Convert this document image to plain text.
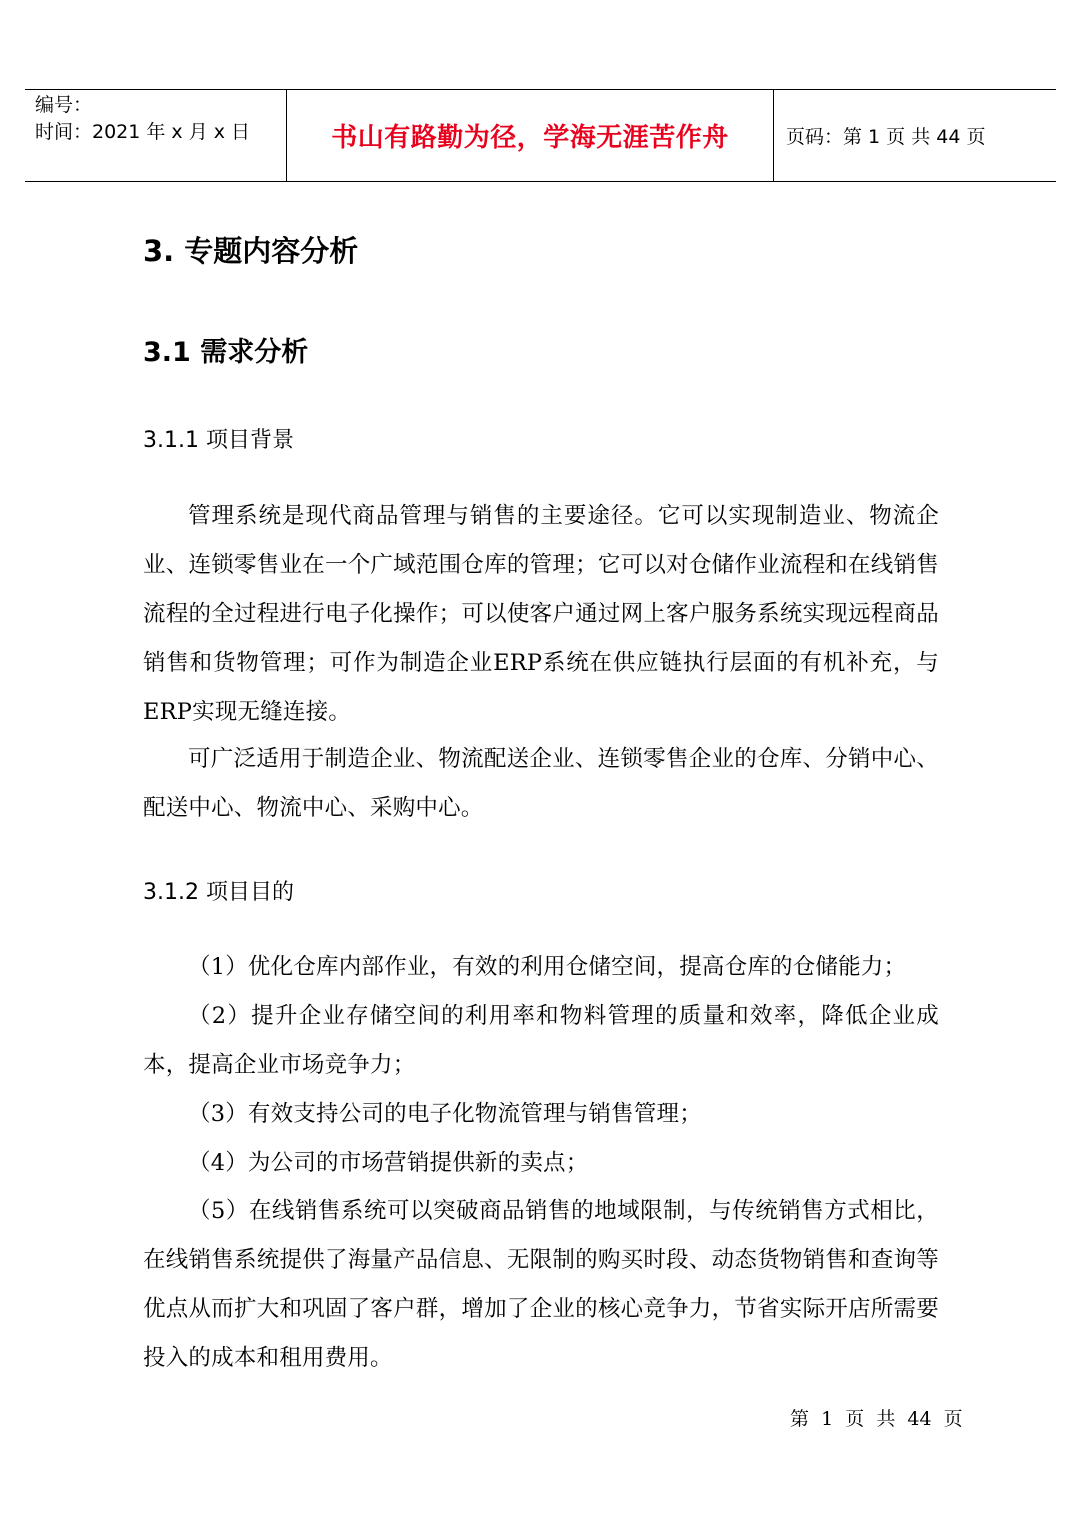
编号：
时间：2021 年 x 月 x 日	书山有路勤为径，学海无涯苦作舟	页码：第 1 页 共 44 页
3. 专题内容分析
3.1 需求分析
3.1.1 项目背景

管理系统是现代商品管理与销售的主要途径。它可以实现制造业、物流企业、连锁零售业在一个广域范围仓库的管理；它可以对仓储作业流程和在线销售流程的全过程进行电子化操作；可以使客户通过网上客户服务系统实现远程商品销售和货物管理；可作为制造企业ERP系统在供应链执行层面的有机补充，与ERP实现无缝连接。

可广泛适用于制造企业、物流配送企业、连锁零售企业的仓库、分销中心、配送中心、物流中心、采购中心。

3.1.2 项目目的

（1）优化仓库内部作业，有效的利用仓储空间，提高仓库的仓储能力；

（2）提升企业存储空间的利用率和物料管理的质量和效率，降低企业成本，提高企业市场竞争力；

（3）有效支持公司的电子化物流管理与销售管理；

（4）为公司的市场营销提供新的卖点；

（5）在线销售系统可以突破商品销售的地域限制，与传统销售方式相比，在线销售系统提供了海量产品信息、无限制的购买时段、动态货物销售和查询等优点从而扩大和巩固了客户群，增加了企业的核心竞争力，节省实际开店所需要投入的成本和租用费用。

第  1  页  共  44  页
